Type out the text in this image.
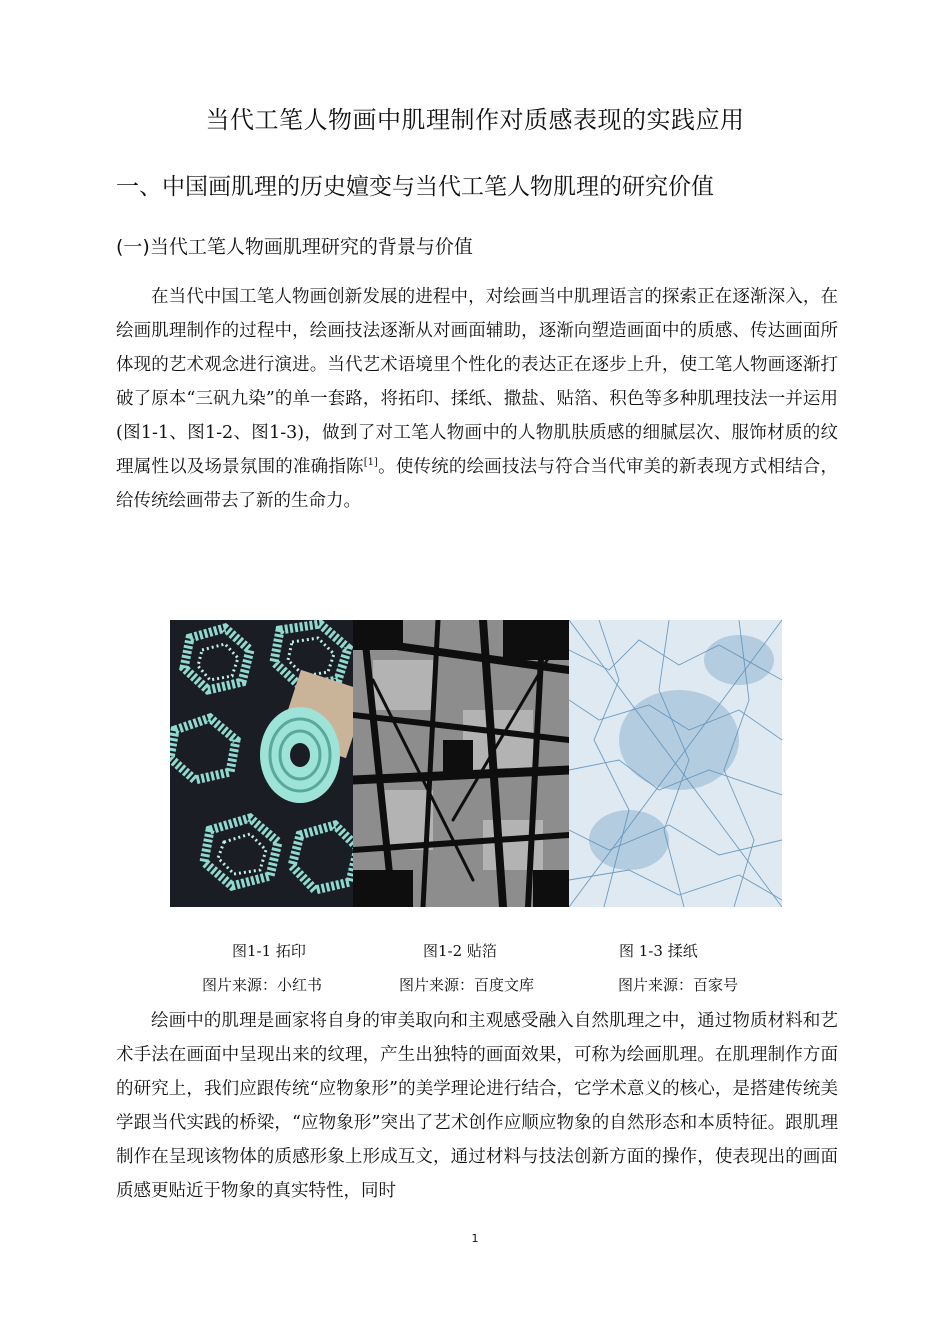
当代工笔人物画中肌理制作对质感表现的实践应用
一、中国画肌理的历史嬗变与当代工笔人物肌理的研究价值
(一)当代工笔人物画肌理研究的背景与价值
在当代中国工笔人物画创新发展的进程中，对绘画当中肌理语言的探索正在逐渐深入，在绘画肌理制作的过程中，绘画技法逐渐从对画面辅助，逐渐向塑造画面中的质感、传达画面所体现的艺术观念进行演进。当代艺术语境里个性化的表达正在逐步上升，使工笔人物画逐渐打破了原本“三矾九染”的单一套路，将拓印、揉纸、撒盐、贴箔、积色等多种肌理技法一并运用(图1-1、图1-2、图1-3)，做到了对工笔人物画中的人物肌肤质感的细腻层次、服饰材质的纹理属性以及场景氛围的准确指陈[1]。使传统的绘画技法与符合当代审美的新表现方式相结合，给传统绘画带去了新的生命力。
图1-1 拓印	图1-2 贴箔	图 1-3 揉纸
图片来源：小红书	图片来源：百度文库	图片来源：百家号
绘画中的肌理是画家将自身的审美取向和主观感受融入自然肌理之中，通过物质材料和艺术手法在画面中呈现出来的纹理，产生出独特的画面效果，可称为绘画肌理。在肌理制作方面的研究上，我们应跟传统“应物象形”的美学理论进行结合，它学术意义的核心，是搭建传统美学跟当代实践的桥梁，“应物象形”突出了艺术创作应顺应物象的自然形态和本质特征。跟肌理制作在呈现该物体的质感形象上形成互文，通过材料与技法创新方面的操作，使表现出的画面质感更贴近于物象的真实特性，同时
1
